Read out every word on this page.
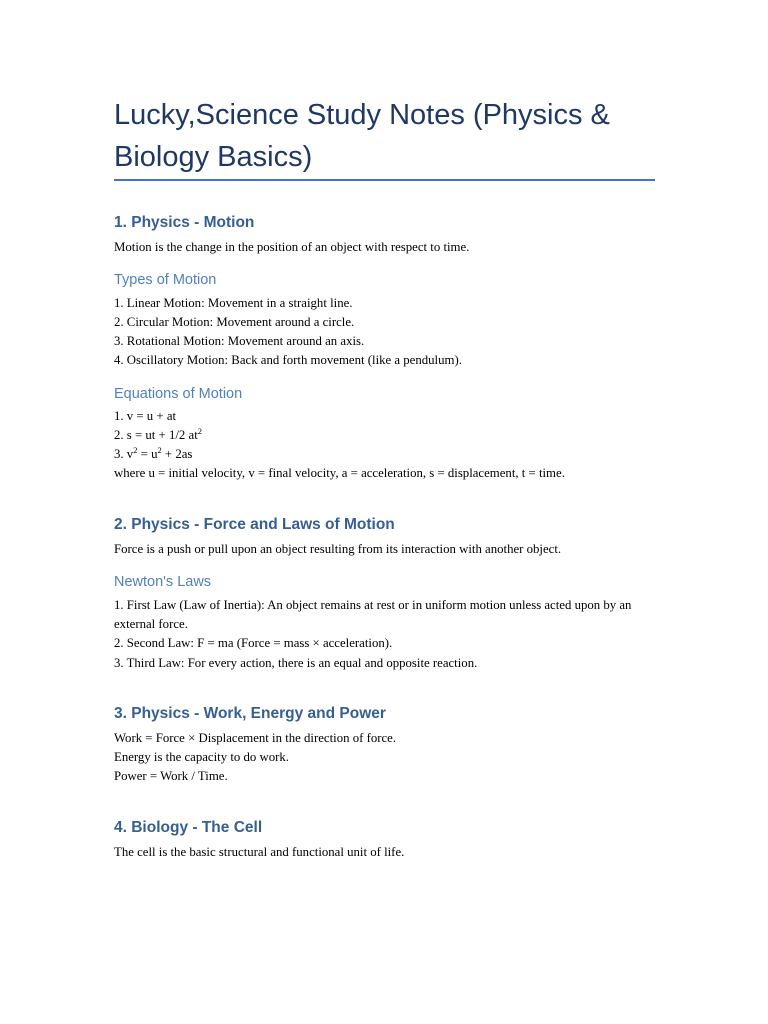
Lucky,Science Study Notes (Physics & Biology Basics)
1. Physics - Motion

Motion is the change in the position of an object with respect to time.

Types of Motion

1. Linear Motion: Movement in a straight line.

2. Circular Motion: Movement around a circle.

3. Rotational Motion: Movement around an axis.

4. Oscillatory Motion: Back and forth movement (like a pendulum).

Equations of Motion

1. v = u + at

2. s = ut + 1/2 $at^2$

3. $v^2 = u^2 + 2as$

where u = initial velocity, v = final velocity, a = acceleration, s = displacement, t = time.

2. Physics - Force and Laws of Motion

Force is a push or pull upon an object resulting from its interaction with another object.

Newton's Laws

1. First Law (Law of Inertia): An object remains at rest or in uniform motion unless acted upon by an external force.

2. Second Law: F = ma (Force = mass × acceleration).

3. Third Law: For every action, there is an equal and opposite reaction.

3. Physics - Work, Energy and Power

Work = Force × Displacement in the direction of force.

Energy is the capacity to do work.

Power = Work / Time.

4. Biology - The Cell

The cell is the basic structural and functional unit of life.
